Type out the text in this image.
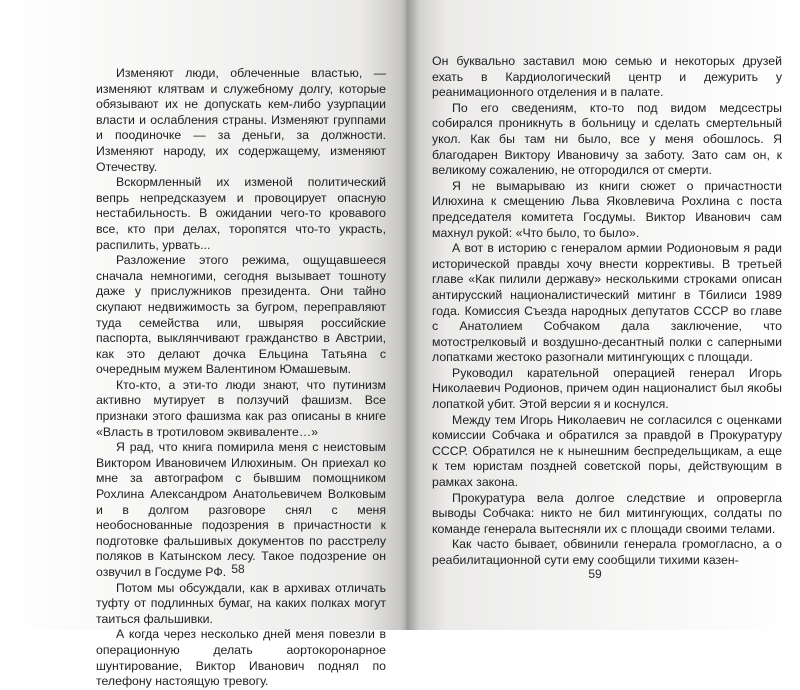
Изменяют люди, облеченные властью, — изменяют клятвам и служебному долгу, которые обязывают их не допускать кем-либо узурпации власти и ослабления страны. Изменяют группами и поодиночке — за деньги, за должности. Изменяют народу, их содержащему, изменяют Отечеству.

Вскормленный их изменой политический вепрь непредсказуем и провоцирует опасную нестабильность. В ожидании чего-то кровавого все, кто при делах, торопятся что-то украсть, распилить, урвать...

Разложение этого режима, ощущавшееся сначала немногими, сегодня вызывает тошноту даже у прислужников президента. Они тайно скупают недвижимость за бугром, переправляют туда семейства или, швыряя российские паспорта, выклянчивают гражданство в Австрии, как это делают дочка Ельцина Татьяна с очередным мужем Валентином Юмашевым.

Кто-кто, а эти-то люди знают, что путинизм активно мутирует в ползучий фашизм. Все признаки этого фашизма как раз описаны в книге «Власть в тротиловом эквиваленте…»

Я рад, что книга помирила меня с неистовым Виктором Ивановичем Илюхиным. Он приехал ко мне за автографом с бывшим помощником Рохлина Александром Анатольевичем Волковым и в долгом разговоре снял с меня необоснованные подозрения в причастности к подготовке фальшивых документов по расстрелу поляков в Катынском лесу. Такое подозрение он озвучил в Госдуме РФ.

Потом мы обсуждали, как в архивах отличать туфту от подлинных бумаг, на каких полках могут таиться фальшивки.

А когда через несколько дней меня повезли в операционную делать аортокоронарное шунтирование, Виктор Иванович поднял по телефону настоящую тревогу.

58

Он буквально заставил мою семью и некоторых друзей ехать в Кардиологический центр и дежурить у реанимационного отделения и в палате.

По его сведениям, кто-то под видом медсестры собирался проникнуть в больницу и сделать смертельный укол. Как бы там ни было, все у меня обошлось. Я благодарен Виктору Ивановичу за заботу. Зато сам он, к великому сожалению, не отгородился от смерти.

Я не вымарываю из книги сюжет о причастности Илюхина к смещению Льва Яковлевича Рохлина с поста председателя комитета Госдумы. Виктор Иванович сам махнул рукой: «Что было, то было».

А вот в историю с генералом армии Родионовым я ради исторической правды хочу внести коррективы. В третьей главе «Как пилили державу» несколькими строками описан антирусский националистический митинг в Тбилиси 1989 года. Комиссия Съезда народных депутатов СССР во главе с Анатолием Собчаком дала заключение, что мотострелковый и воздушно-десантный полки с саперными лопатками жестоко разогнали митингующих с площади.

Руководил карательной операцией генерал Игорь Николаевич Родионов, причем один националист был якобы лопаткой убит. Этой версии я и коснулся.

Между тем Игорь Николаевич не согласился с оценками комиссии Собчака и обратился за правдой в Прокуратуру СССР. Обратился не к нынешним беспредельщикам, а еще к тем юристам поздней советской поры, действующим в рамках закона.

Прокуратура вела долгое следствие и опровергла выводы Собчака: никто не бил митингующих, солдаты по команде генерала вытесняли их с площади своими телами.

Как часто бывает, обвинили генерала громогласно, а о реабилитационной сути ему сообщили тихими казен-

59
